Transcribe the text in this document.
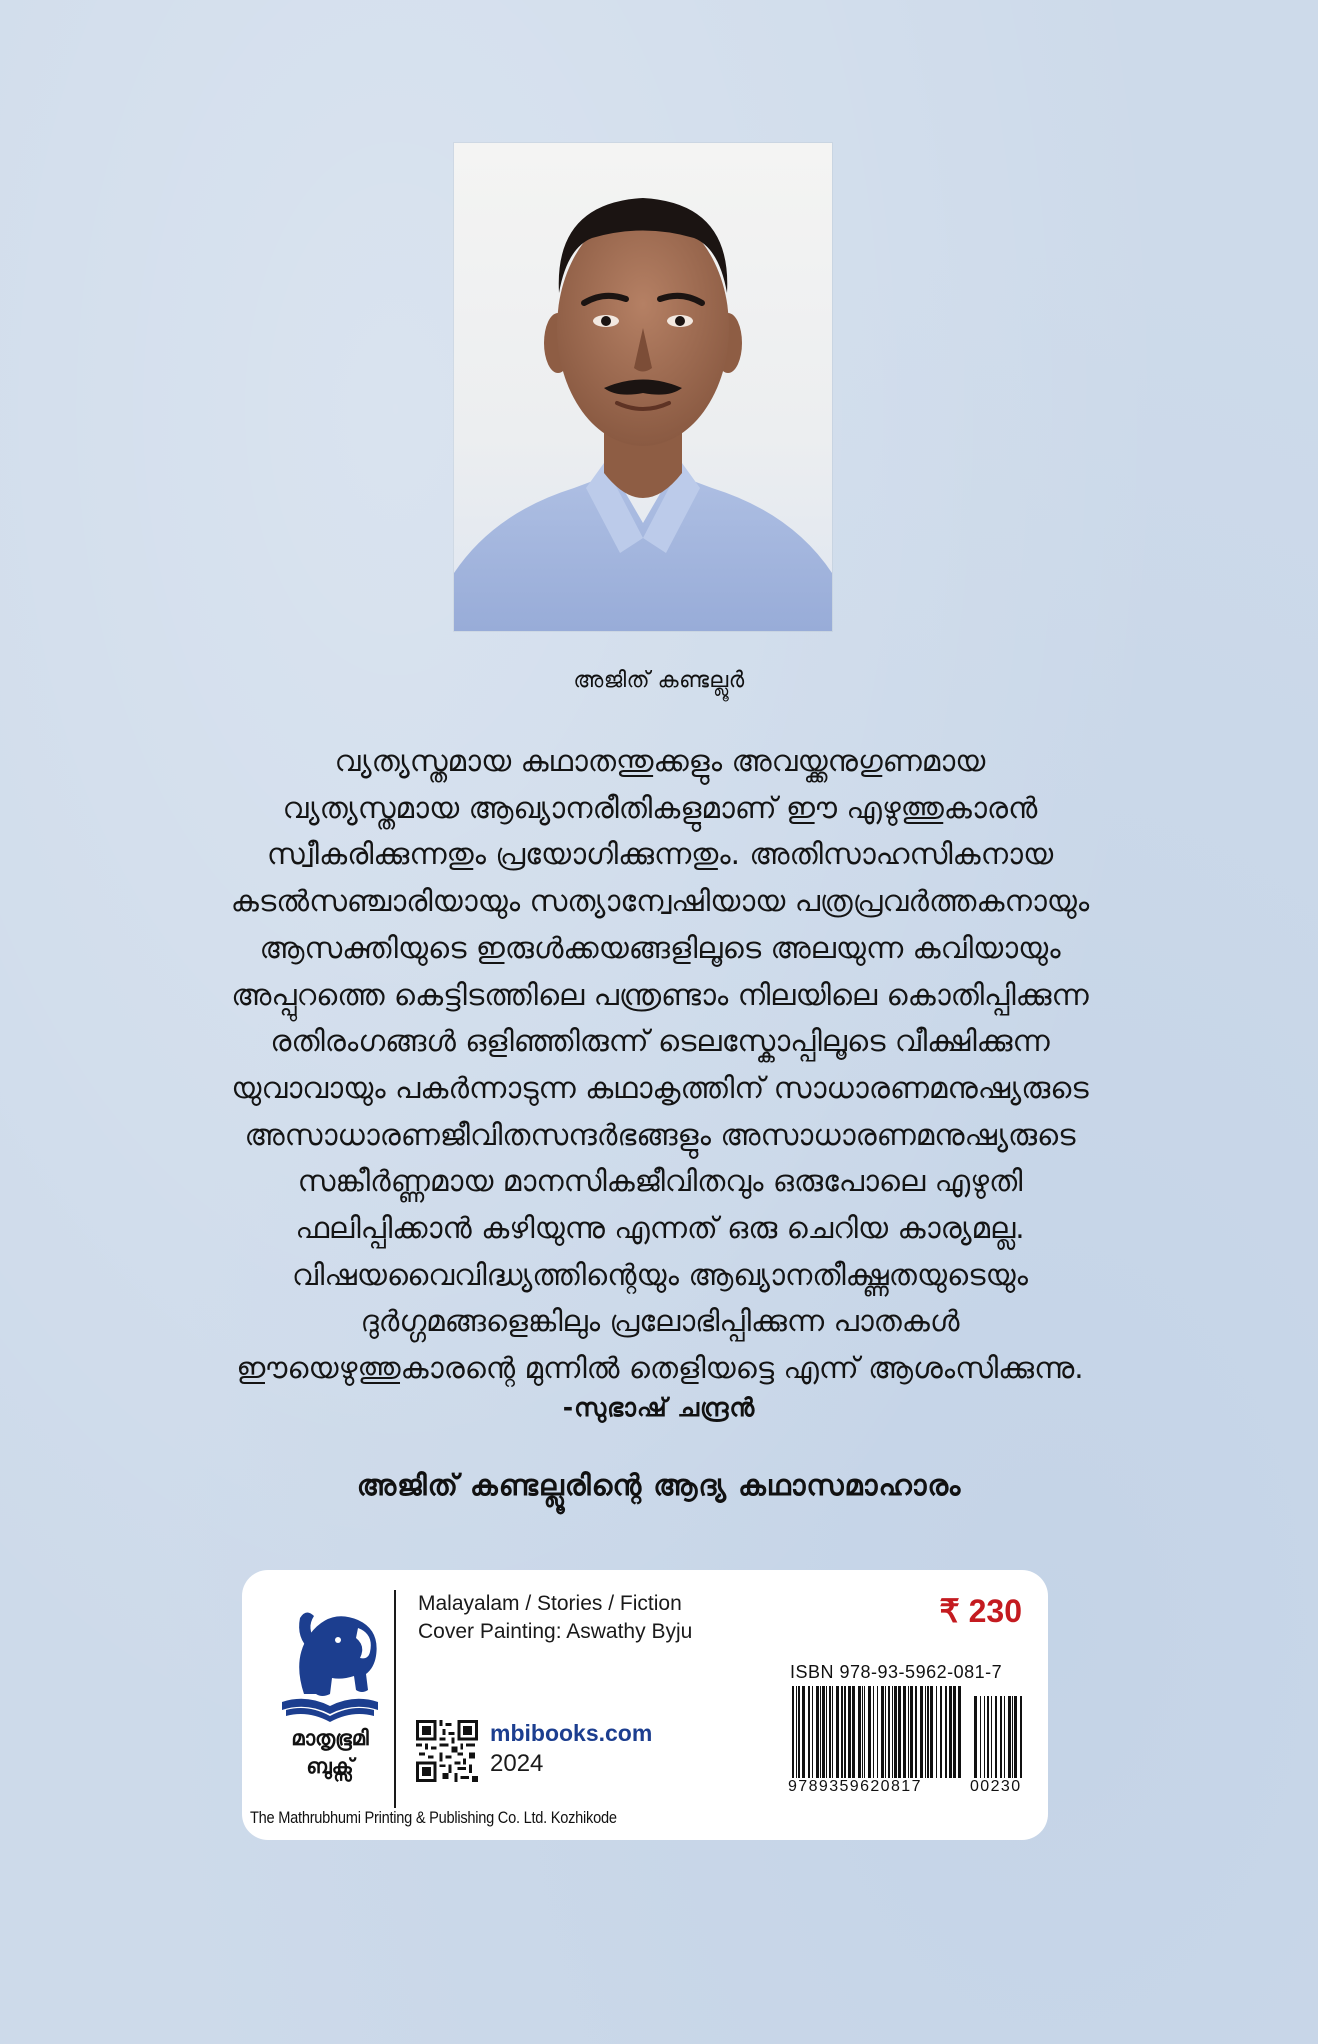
അജിത് കണ്ടല്ലൂർ
വ്യത്യസ്തമായ കഥാതന്തുക്കളും അവയ്ക്കനുഗുണമായ
വ്യത്യസ്തമായ ആഖ്യാനരീതികളുമാണ് ഈ എഴുത്തുകാരൻ
സ്വീകരിക്കുന്നതും പ്രയോഗിക്കുന്നതും. അതിസാഹസികനായ
കടൽസഞ്ചാരിയായും സത്യാന്വേഷിയായ പത്രപ്രവർത്തകനായും
ആസക്തിയുടെ ഇരുൾക്കയങ്ങളിലൂടെ അലയുന്ന കവിയായും
അപ്പുറത്തെ കെട്ടിടത്തിലെ പന്ത്രണ്ടാം നിലയിലെ കൊതിപ്പിക്കുന്ന
രതിരംഗങ്ങൾ ഒളിഞ്ഞിരുന്ന് ടെലസ്കോപ്പിലൂടെ വീക്ഷിക്കുന്ന
യുവാവായും പകർന്നാടുന്ന കഥാകൃത്തിന് സാധാരണമനുഷ്യരുടെ
അസാധാരണജീവിതസന്ദർഭങ്ങളും അസാധാരണമനുഷ്യരുടെ
സങ്കീർണ്ണമായ മാനസികജീവിതവും ഒരുപോലെ എഴുതി
ഫലിപ്പിക്കാൻ കഴിയുന്നു എന്നത് ഒരു ചെറിയ കാര്യമല്ല.
വിഷയവൈവിദ്ധ്യത്തിന്റെയും ആഖ്യാനതീക്ഷ്ണതയുടെയും
ദുർഗ്ഗമങ്ങളെങ്കിലും പ്രലോഭിപ്പിക്കുന്ന പാതകൾ
ഈയെഴുത്തുകാരന്റെ മുന്നിൽ തെളിയട്ടെ എന്ന് ആശംസിക്കുന്നു.
-സുഭാഷ് ചന്ദ്രൻ
അജിത് കണ്ടല്ലൂരിന്റെ ആദ്യ കഥാസമാഹാരം
മാതൃഭൂമി
ബുക്സ്
Malayalam / Stories / Fiction
Cover Painting: Aswathy Byju
₹ 230
mbibooks.com
2024
ISBN 978-93-5962-081-7
9789359620817	00230
The Mathrubhumi Printing & Publishing Co. Ltd. Kozhikode
